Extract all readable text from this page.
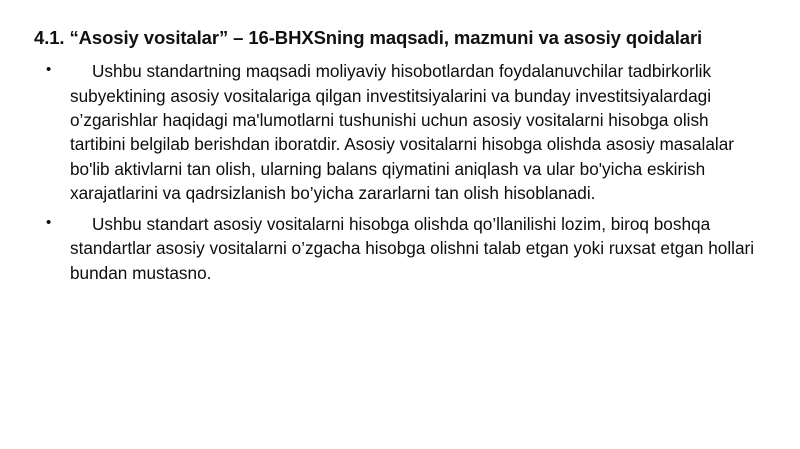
4.1. “Asosiy vositalar” – 16-BHXSning maqsadi, mazmuni va asosiy qoidalari
•	Ushbu standartning maqsadi moliyaviy hisobotlardan foydalanuvchilar tadbirkorlik subyektining asosiy vositalariga qilgan investitsiyalarini va bunday investitsiyalardagi o’zgarishlar haqidagi ma'lumotlarni tushunishi uchun asosiy vositalarni hisobga olish tartibini belgilab berishdan iboratdir. Asosiy vositalarni hisobga olishda asosiy masalalar bo'lib aktivlarni tan olish, ularning balans qiymatini aniqlash va ular bo'yicha eskirish xarajatlarini va qadrsizlanish bo’yicha zararlarni tan olish hisoblanadi.
•	Ushbu standart asosiy vositalarni hisobga olishda qo’llanilishi lozim, biroq boshqa standartlar asosiy vositalarni o’zgacha hisobga olishni talab etgan yoki ruxsat etgan hollari bundan mustasno.
